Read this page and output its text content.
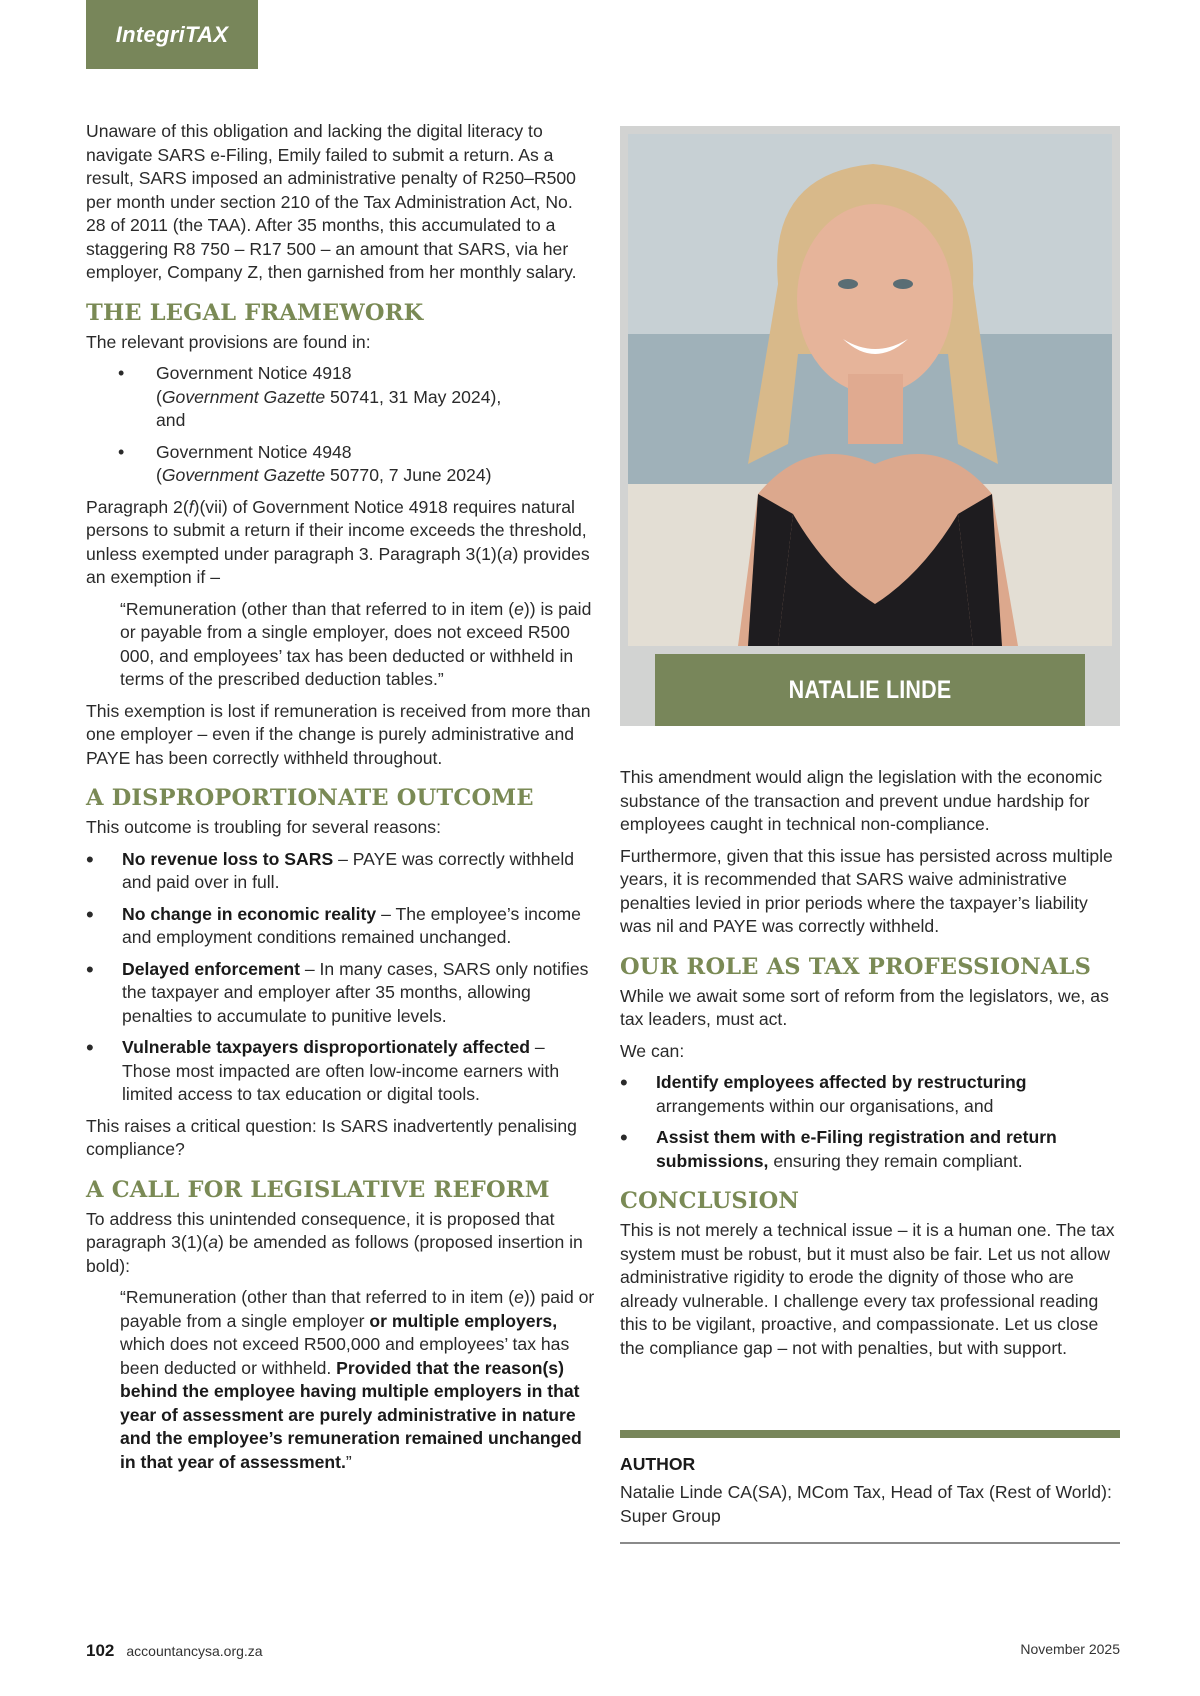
IntegriTAX

Unaware of this obligation and lacking the digital literacy to navigate SARS e-Filing, Emily failed to submit a return. As a result, SARS imposed an administrative penalty of R250–R500 per month under section 210 of the Tax Administration Act, No. 28 of 2011 (the TAA). After 35 months, this accumulated to a staggering R8 750 – R17 500 – an amount that SARS, via her employer, Company Z, then garnished from her monthly salary.

THE LEGAL FRAMEWORK

The relevant provisions are found in:

• Government Notice 4918
(Government Gazette 50741, 31 May 2024),
and
• Government Notice 4948
(Government Gazette 50770, 7 June 2024)

Paragraph 2(f)(vii) of Government Notice 4918 requires natural persons to submit a return if their income exceeds the threshold, unless exempted under paragraph 3. Paragraph 3(1)(a) provides an exemption if –

“Remuneration (other than that referred to in item (e)) is paid or payable from a single employer, does not exceed R500 000, and employees’ tax has been deducted or withheld in terms of the prescribed deduction tables.”

This exemption is lost if remuneration is received from more than one employer – even if the change is purely administrative and PAYE has been correctly withheld throughout.

A DISPROPORTIONATE OUTCOME

This outcome is troubling for several reasons:

• No revenue loss to SARS – PAYE was correctly withheld and paid over in full.
• No change in economic reality – The employee’s income and employment conditions remained unchanged.
• Delayed enforcement – In many cases, SARS only notifies the taxpayer and employer after 35 months, allowing penalties to accumulate to punitive levels.
• Vulnerable taxpayers disproportionately affected – Those most impacted are often low-income earners with limited access to tax education or digital tools.

This raises a critical question: Is SARS inadvertently penalising compliance?

A CALL FOR LEGISLATIVE REFORM

To address this unintended consequence, it is proposed that paragraph 3(1)(a) be amended as follows (proposed insertion in bold):

“Remuneration (other than that referred to in item (e)) paid or payable from a single employer or multiple employers, which does not exceed R500,000 and employees’ tax has been deducted or withheld. Provided that the reason(s) behind the employee having multiple employers in that year of assessment are purely administrative in nature and the employee’s remuneration remained unchanged in that year of assessment.”

NATALIE LINDE

This amendment would align the legislation with the economic substance of the transaction and prevent undue hardship for employees caught in technical non-compliance.

Furthermore, given that this issue has persisted across multiple years, it is recommended that SARS waive administrative penalties levied in prior periods where the taxpayer’s liability was nil and PAYE was correctly withheld.

OUR ROLE AS TAX PROFESSIONALS

While we await some sort of reform from the legislators, we, as tax leaders, must act.

We can:

• Identify employees affected by restructuring arrangements within our organisations, and
• Assist them with e-Filing registration and return submissions, ensuring they remain compliant.
CONCLUSION

This is not merely a technical issue – it is a human one. The tax system must be robust, but it must also be fair. Let us not allow administrative rigidity to erode the dignity of those who are already vulnerable. I challenge every tax professional reading this to be vigilant, proactive, and compassionate. Let us close the compliance gap – not with penalties, but with support.

AUTHOR

Natalie Linde CA(SA), MCom Tax, Head of Tax (Rest of World): Super Group

102 accountancysa.org.za	November 2025
